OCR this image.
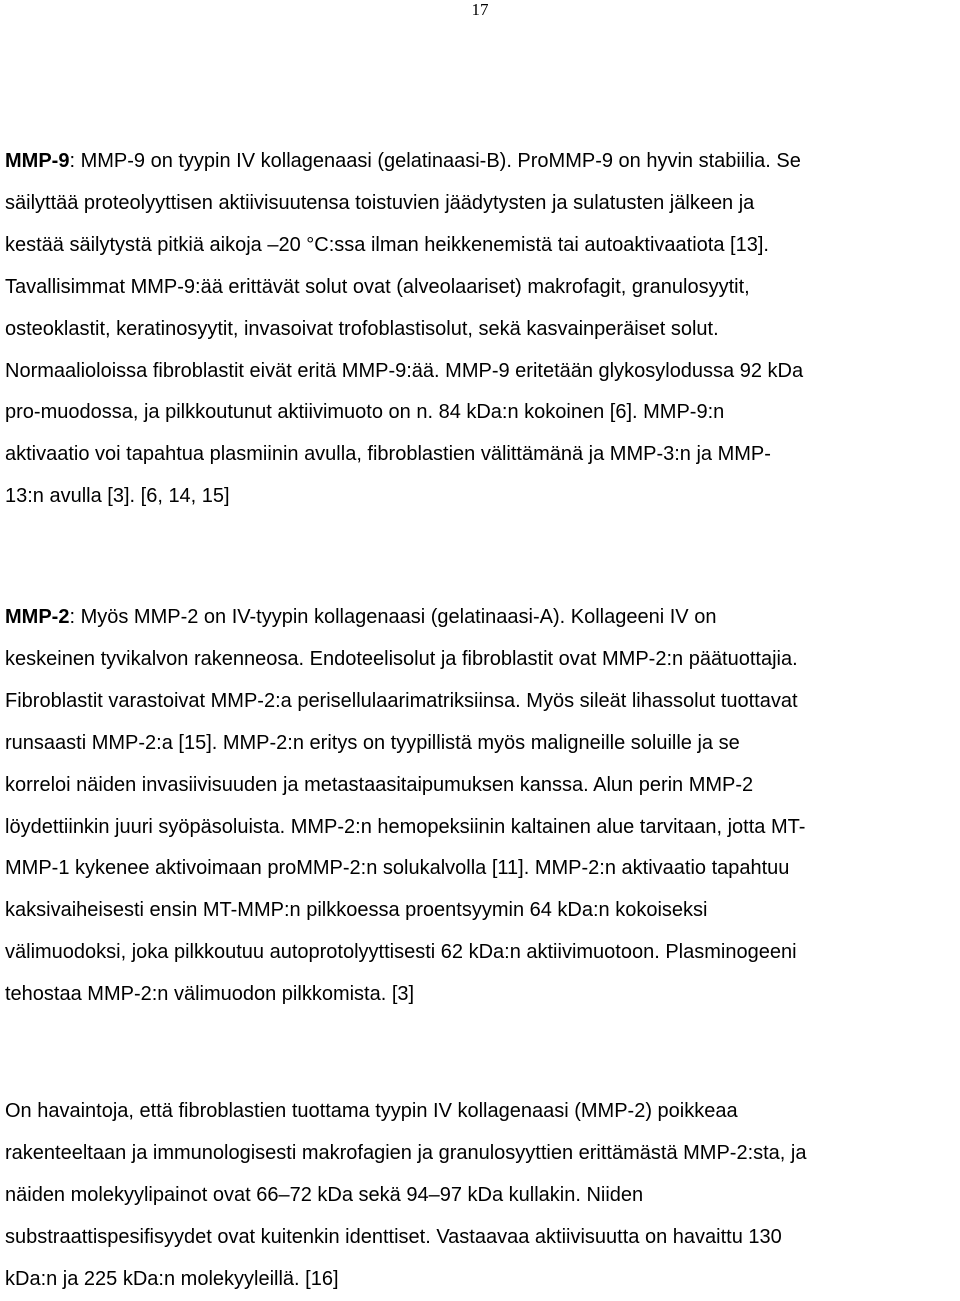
17

MMP-9: MMP-9 on tyypin IV kollagenaasi (gelatinaasi-B). ProMMP-9 on hyvin stabiilia. Se
säilyttää proteolyyttisen aktiivisuutensa toistuvien jäädytysten ja sulatusten jälkeen ja
kestää säilytystä pitkiä aikoja –20 °C:ssa ilman heikkenemistä tai autoaktivaatiota [13].
Tavallisimmat MMP-9:ää erittävät solut ovat (alveolaariset) makrofagit, granulosyytit,
osteoklastit, keratinosyytit, invasoivat trofoblastisolut, sekä kasvainperäiset solut.
Normaalioloissa fibroblastit eivät eritä MMP-9:ää. MMP-9 eritetään glykosylodussa 92 kDa
pro-muodossa, ja pilkkoutunut aktiivimuoto on n. 84 kDa:n kokoinen [6]. MMP-9:n
aktivaatio voi tapahtua plasmiinin avulla, fibroblastien välittämänä ja MMP-3:n ja MMP-
13:n avulla [3]. [6, 14, 15]

MMP-2: Myös MMP-2 on IV-tyypin kollagenaasi (gelatinaasi-A). Kollageeni IV on
keskeinen tyvikalvon rakenneosa. Endoteelisolut ja fibroblastit ovat MMP-2:n päätuottajia.
Fibroblastit varastoivat MMP-2:a perisellulaarimatriksiinsa. Myös sileät lihassolut tuottavat
runsaasti MMP-2:a [15]. MMP-2:n eritys on tyypillistä myös maligneille soluille ja se
korreloi näiden invasiivisuuden ja metastaasitaipumuksen kanssa. Alun perin MMP-2
löydettiinkin juuri syöpäsoluista. MMP-2:n hemopeksiinin kaltainen alue tarvitaan, jotta MT-
MMP-1 kykenee aktivoimaan proMMP-2:n solukalvolla [11]. MMP-2:n aktivaatio tapahtuu
kaksivaiheisesti ensin MT-MMP:n pilkkoessa proentsyymin 64 kDa:n kokoiseksi
välimuodoksi, joka pilkkoutuu autoprotolyyttisesti 62 kDa:n aktiivimuotoon. Plasminogeeni
tehostaa MMP-2:n välimuodon pilkkomista. [3]

On havaintoja, että fibroblastien tuottama tyypin IV kollagenaasi (MMP-2) poikkeaa
rakenteeltaan ja immunologisesti makrofagien ja granulosyyttien erittämästä MMP-2:sta, ja
näiden molekyylipainot ovat 66–72 kDa sekä 94–97 kDa kullakin. Niiden
substraattispesifisyydet ovat kuitenkin identtiset. Vastaavaa aktiivisuutta on havaittu 130
kDa:n ja 225 kDa:n molekyyleillä. [16]
